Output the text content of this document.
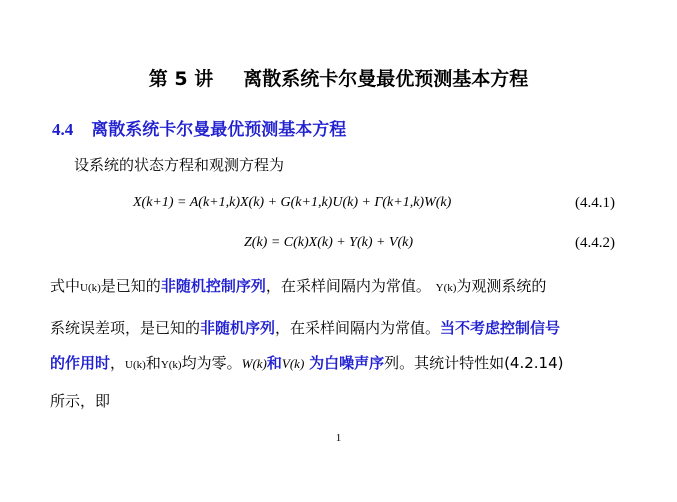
第 5 讲 离散系统卡尔曼最优预测基本方程
4.4 离散系统卡尔曼最优预测基本方程
设系统的状态方程和观测方程为
X(k+1) = A(k+1,k)X(k) + G(k+1,k)U(k) + Γ(k+1,k)W(k)	(4.4.1)
Z(k) = C(k)X(k) + Y(k) + V(k)	(4.4.2)
式中U(k)是已知的非随机控制序列，在采样间隔内为常值。 Y(k)为观测系统的
系统误差项，是已知的非随机序列，在采样间隔内为常值。当不考虑控制信号
的作用时，U(k)和Y(k)均为零。W(k)和V(k) 为白噪声序列。其统计特性如(4.2.14)
所示，即
1
